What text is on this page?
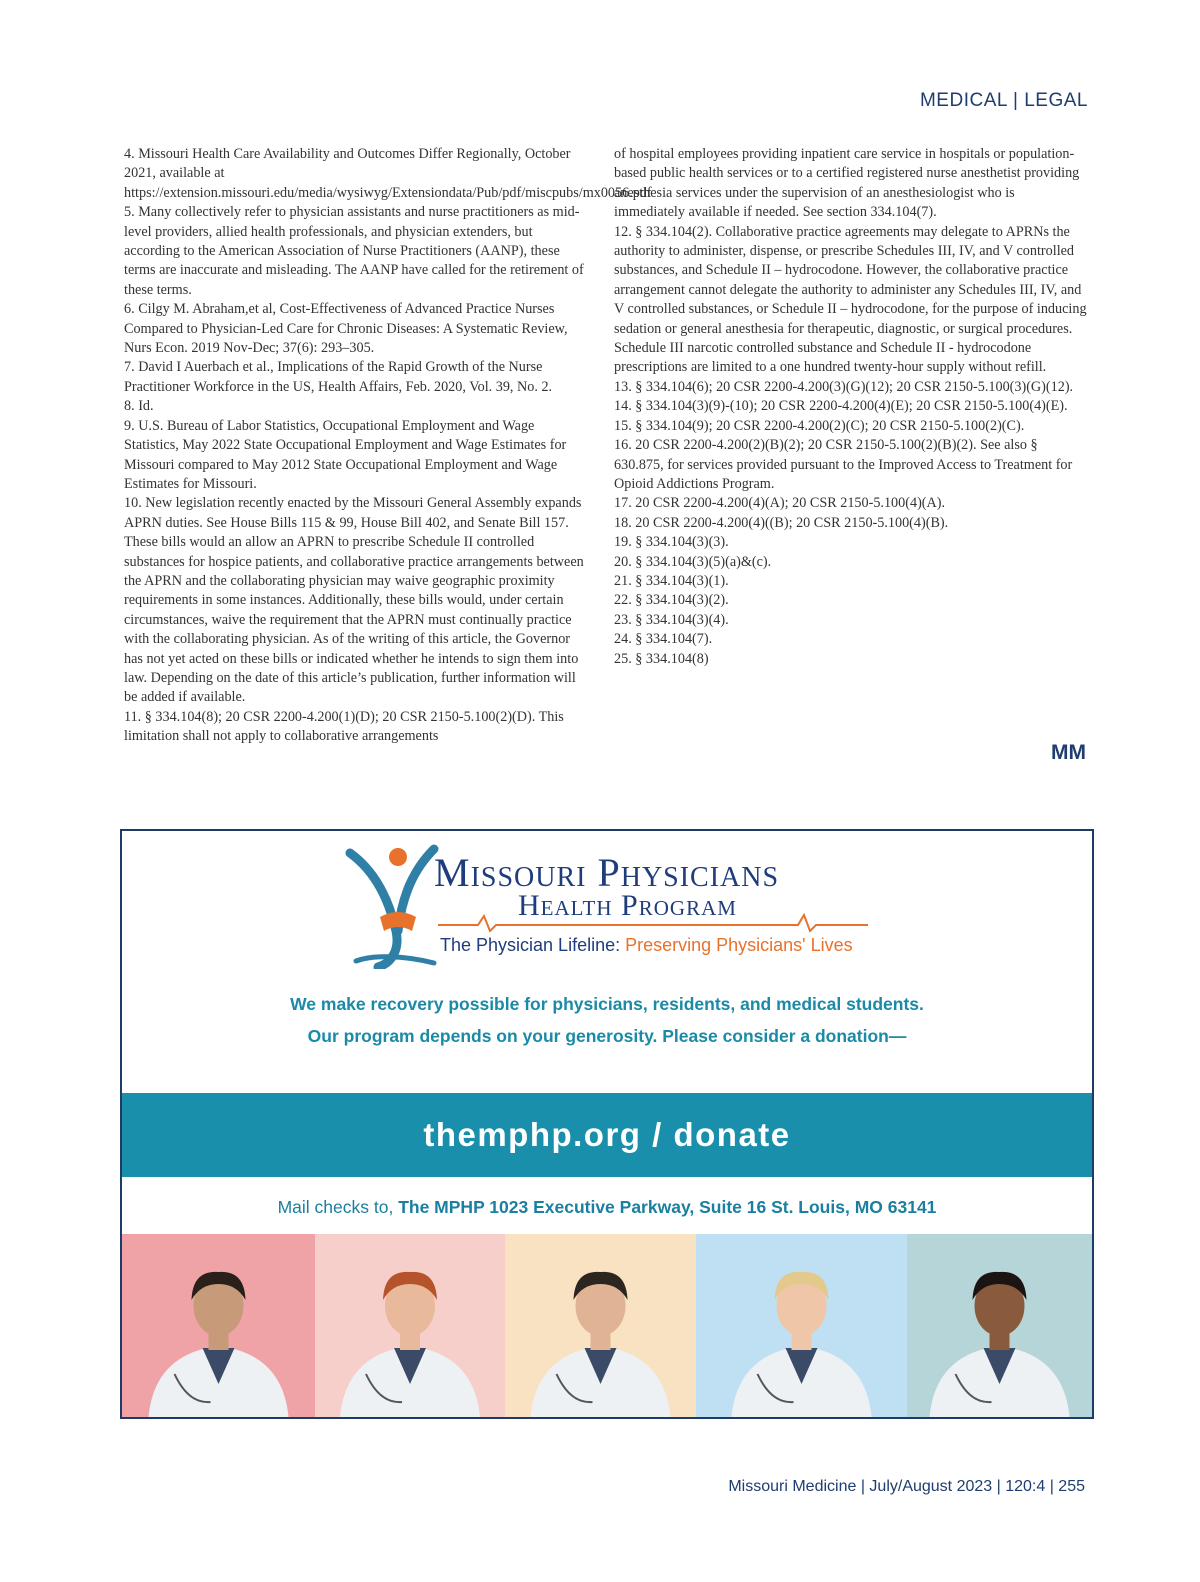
MEDICAL | LEGAL

4. Missouri Health Care Availability and Outcomes Differ Regionally, October 2021, available at https://extension.missouri.edu/media/wysiwyg/Extensiondata/Pub/pdf/miscpubs/mx0056.pdf

5. Many collectively refer to physician assistants and nurse practitioners as mid-level providers, allied health professionals, and physician extenders, but according to the American Association of Nurse Practitioners (AANP), these terms are inaccurate and misleading. The AANP have called for the retirement of these terms.

6. Cilgy M. Abraham,et al, Cost-Effectiveness of Advanced Practice Nurses Compared to Physician-Led Care for Chronic Diseases: A Systematic Review, Nurs Econ. 2019 Nov-Dec; 37(6): 293–305.

7. David I Auerbach et al., Implications of the Rapid Growth of the Nurse Practitioner Workforce in the US, Health Affairs, Feb. 2020, Vol. 39, No. 2.

8. Id.

9. U.S. Bureau of Labor Statistics, Occupational Employment and Wage Statistics, May 2022 State Occupational Employment and Wage Estimates for Missouri compared to May 2012 State Occupational Employment and Wage Estimates for Missouri.

10. New legislation recently enacted by the Missouri General Assembly expands APRN duties. See House Bills 115 & 99, House Bill 402, and Senate Bill 157. These bills would an allow an APRN to prescribe Schedule II controlled substances for hospice patients, and collaborative practice arrangements between the APRN and the collaborating physician may waive geographic proximity requirements in some instances. Additionally, these bills would, under certain circumstances, waive the requirement that the APRN must continually practice with the collaborating physician. As of the writing of this article, the Governor has not yet acted on these bills or indicated whether he intends to sign them into law. Depending on the date of this article’s publication, further information will be added if available.

11. § 334.104(8); 20 CSR 2200-4.200(1)(D); 20 CSR 2150-5.100(2)(D). This limitation shall not apply to collaborative arrangements

of hospital employees providing inpatient care service in hospitals or population-based public health services or to a certified registered nurse anesthetist providing anesthesia services under the supervision of an anesthesiologist who is immediately available if needed. See section 334.104(7).

12. § 334.104(2). Collaborative practice agreements may delegate to APRNs the authority to administer, dispense, or prescribe Schedules III, IV, and V controlled substances, and Schedule II – hydrocodone. However, the collaborative practice arrangement cannot delegate the authority to administer any Schedules III, IV, and V controlled substances, or Schedule II – hydrocodone, for the purpose of inducing sedation or general anesthesia for therapeutic, diagnostic, or surgical procedures. Schedule III narcotic controlled substance and Schedule II - hydrocodone prescriptions are limited to a one hundred twenty-hour supply without refill.

13. § 334.104(6); 20 CSR 2200-4.200(3)(G)(12); 20 CSR 2150-5.100(3)(G)(12).

14. § 334.104(3)(9)-(10); 20 CSR 2200-4.200(4)(E); 20 CSR 2150-5.100(4)(E).

15. § 334.104(9); 20 CSR 2200-4.200(2)(C); 20 CSR 2150-5.100(2)(C).

16. 20 CSR 2200-4.200(2)(B)(2); 20 CSR 2150-5.100(2)(B)(2). See also § 630.875, for services provided pursuant to the Improved Access to Treatment for Opioid Addictions Program.

17. 20 CSR 2200-4.200(4)(A); 20 CSR 2150-5.100(4)(A).

18. 20 CSR 2200-4.200(4)((B); 20 CSR 2150-5.100(4)(B).

19. § 334.104(3)(3).

20. § 334.104(3)(5)(a)&(c).

21. § 334.104(3)(1).

22. § 334.104(3)(2).

23. § 334.104(3)(4).

24. § 334.104(7).

25. § 334.104(8)

MM
Missouri Physicians
Health Program
The Physician Lifeline: Preserving Physicians' Lives
We make recovery possible for physicians, residents, and medical students.
Our program depends on your generosity. Please consider a donation—
themphp.org / donate
Mail checks to, The MPHP 1023 Executive Parkway, Suite 16 St. Louis, MO 63141
Missouri Medicine | July/August 2023 | 120:4 | 255
